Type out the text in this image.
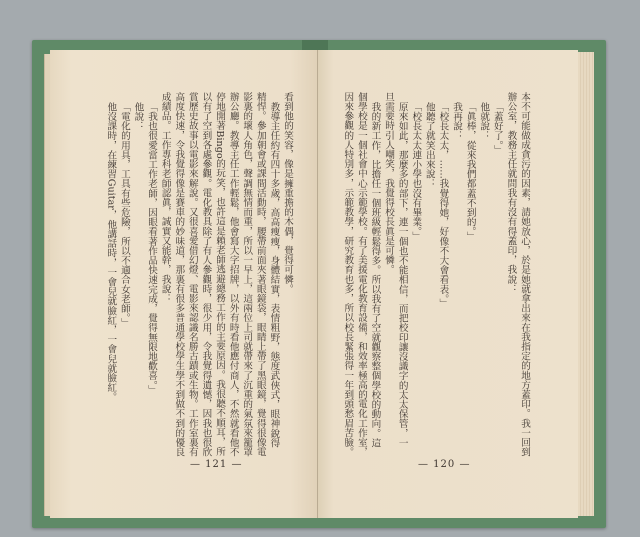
看到他的笑容，像是擁重擔的木偶，覺得可憐。
教導主任約有四十多歲，高高瘦瘦，身體結實，表情粗野，態度武俠式，眼神銳得
精悍。參加朝會或課間活動時，腰帶前面夾著眼鏡袋，眼睛上帶了黑眼鏡，覺得很像電
影裏的壞人角色，聲調無情而重，所以一早上，這兩位上司就帶來了沉重的氣氛來籠罩
辦公廳。教導主任工作輕鬆，他會寫大字招牌，以外有時看他應付商人，不然就看他不
停地開著Bingo的玩笑，也許這是賴老師逃避總務工作的主要原因。我很聽不順耳，所
以有了空到各處參觀。電化教具除了有人參觀時，很少用，令我覺得遺憾，因我也很欣
賞歷史故事以電影來解說。又很喜愛借幻燈、電影來認識名勝古蹟或生物。工作室裏有
高度快速，令我覺得像是賽車的妙味道，那裏有很多普通學校學生學不到做不到的優良
成績品。工作專科老師認眞，誠實又能幹，我說：
「我也很愛當工作老師，因眼看著作品快速完成，覺得無限地歡喜。」
他說：
「電化的用具，工具有些危險，所以不適合女老師。」
他沒課時，在練習Guitar，他講話時，一會兒就臉紅，一會兒就臉紅。	本不可能做成貪污的因素，請她放心，於是她就拿出來在我指定的地方蓋印。我一回到
辦公室，教務主任就問我有沒有得蓋印，我說：
「蓋好了。」
他就說：
「眞棒，從來我們都蓋不到的。」
我再說：
「校長太太，……我覺得她，好像不大會看表。」
他聽了就笑出來說：
「校長太太連小學也沒有畢業。」
原來如此，那麼多的部下，連一個也不能相信，而把校印讓沒識字的太太保管，一
旦需要時引人嘲笑，我覺得校長眞是可憐。
我的新工作，比擔任一個班級輕鬆得多。所以我有了空就觀察整個學校的動向。這
個學校是一個社會中心示範學校。有了美援電化教育設備，和效率極高的電化工作室，
因來參觀的人特別多，示範教學，研究教育也多，所以校長緊張得一年到頭愁眉苦臉。
— 121 —	— 120 —
